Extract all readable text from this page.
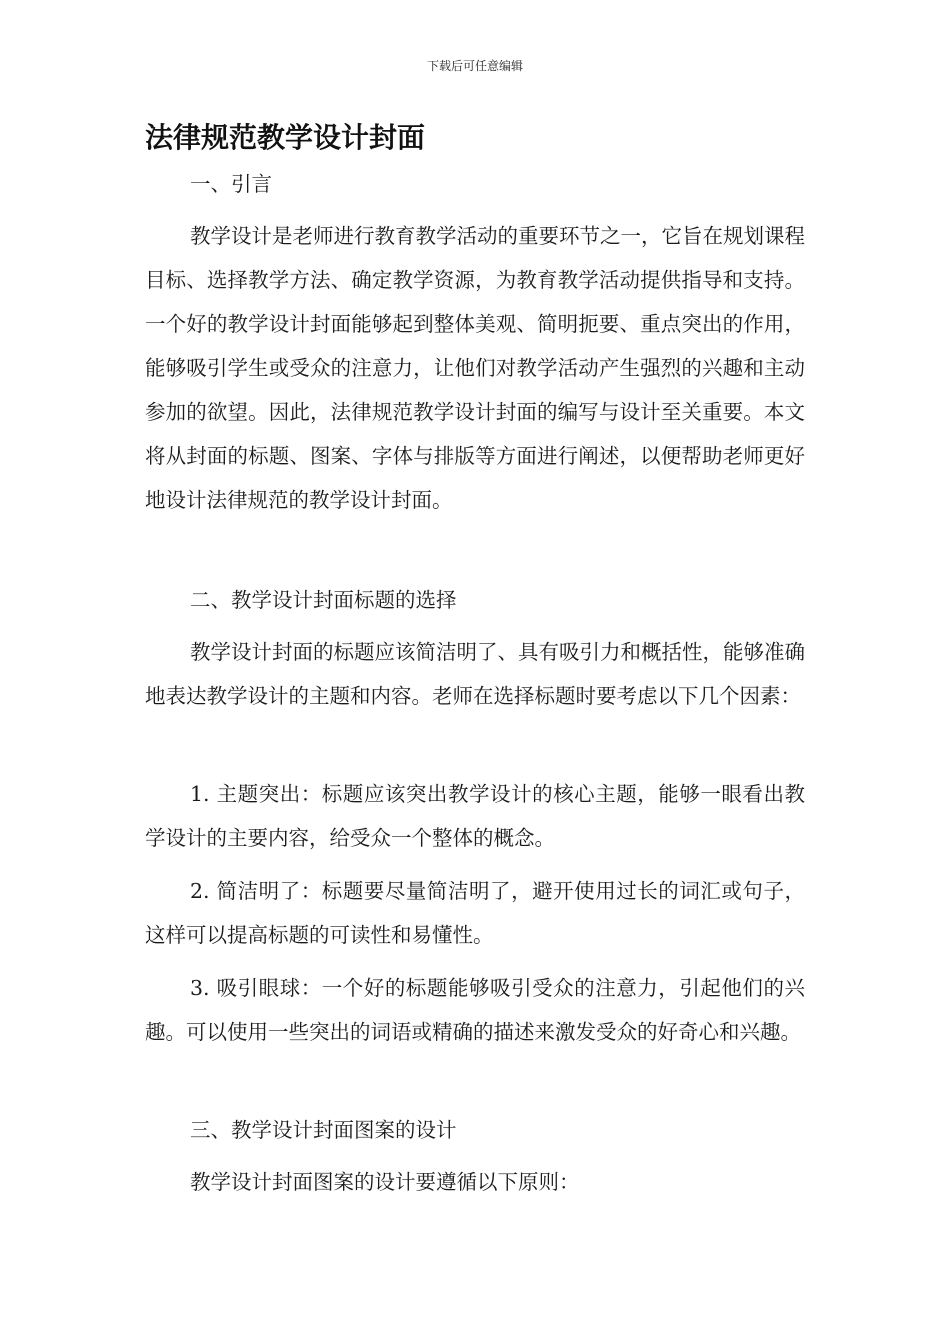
下载后可任意编辑
法律规范教学设计封面

一、引言

教学设计是老师进行教育教学活动的重要环节之一，它旨在规划课程目标、选择教学方法、确定教学资源，为教育教学活动提供指导和支持。一个好的教学设计封面能够起到整体美观、简明扼要、重点突出的作用，能够吸引学生或受众的注意力，让他们对教学活动产生强烈的兴趣和主动参加的欲望。因此，法律规范教学设计封面的编写与设计至关重要。本文将从封面的标题、图案、字体与排版等方面进行阐述，以便帮助老师更好地设计法律规范的教学设计封面。

二、教学设计封面标题的选择

教学设计封面的标题应该简洁明了、具有吸引力和概括性，能够准确地表达教学设计的主题和内容。老师在选择标题时要考虑以下几个因素：

1. 主题突出：标题应该突出教学设计的核心主题，能够一眼看出教学设计的主要内容，给受众一个整体的概念。

2. 简洁明了：标题要尽量简洁明了，避开使用过长的词汇或句子，这样可以提高标题的可读性和易懂性。

3. 吸引眼球：一个好的标题能够吸引受众的注意力，引起他们的兴趣。可以使用一些突出的词语或精确的描述来激发受众的好奇心和兴趣。

三、教学设计封面图案的设计

教学设计封面图案的设计要遵循以下原则：
